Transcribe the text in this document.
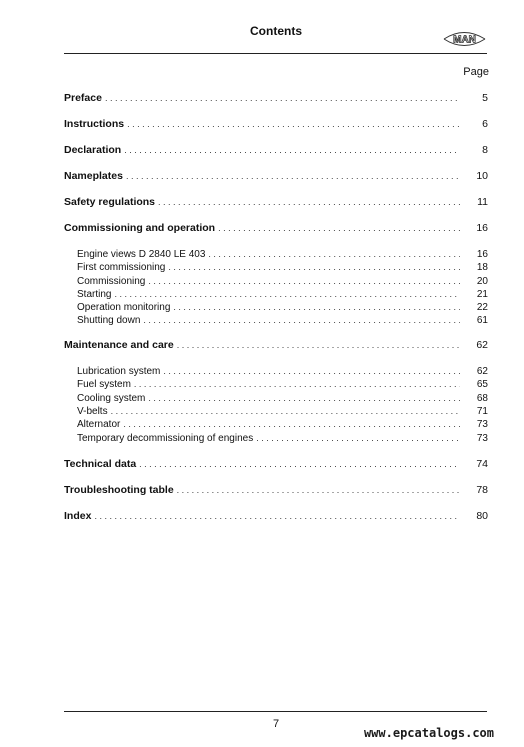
Contents
MAN
Page
Preface . . .	5
Instructions . . .	6
Declaration . . .	8
Nameplates . . .	10
Safety regulations . . .	11
Commissioning and operation . . .	16
Engine views D 2840 LE 403 . . .	16
First commissioning . . .	18
Commissioning . . .	20
Starting . . .	21
Operation monitoring . . .	22
Shutting down . . .	61
Maintenance and care . . .	62
Lubrication system . . .	62
Fuel system . . .	65
Cooling system . . .	68
V-belts . . .	71
Alternator . . .	73
Temporary decommissioning of engines . . .	73
Technical data . . .	74
Troubleshooting table . . .	78
Index . . .	80
7
www.epcatalogs.com
